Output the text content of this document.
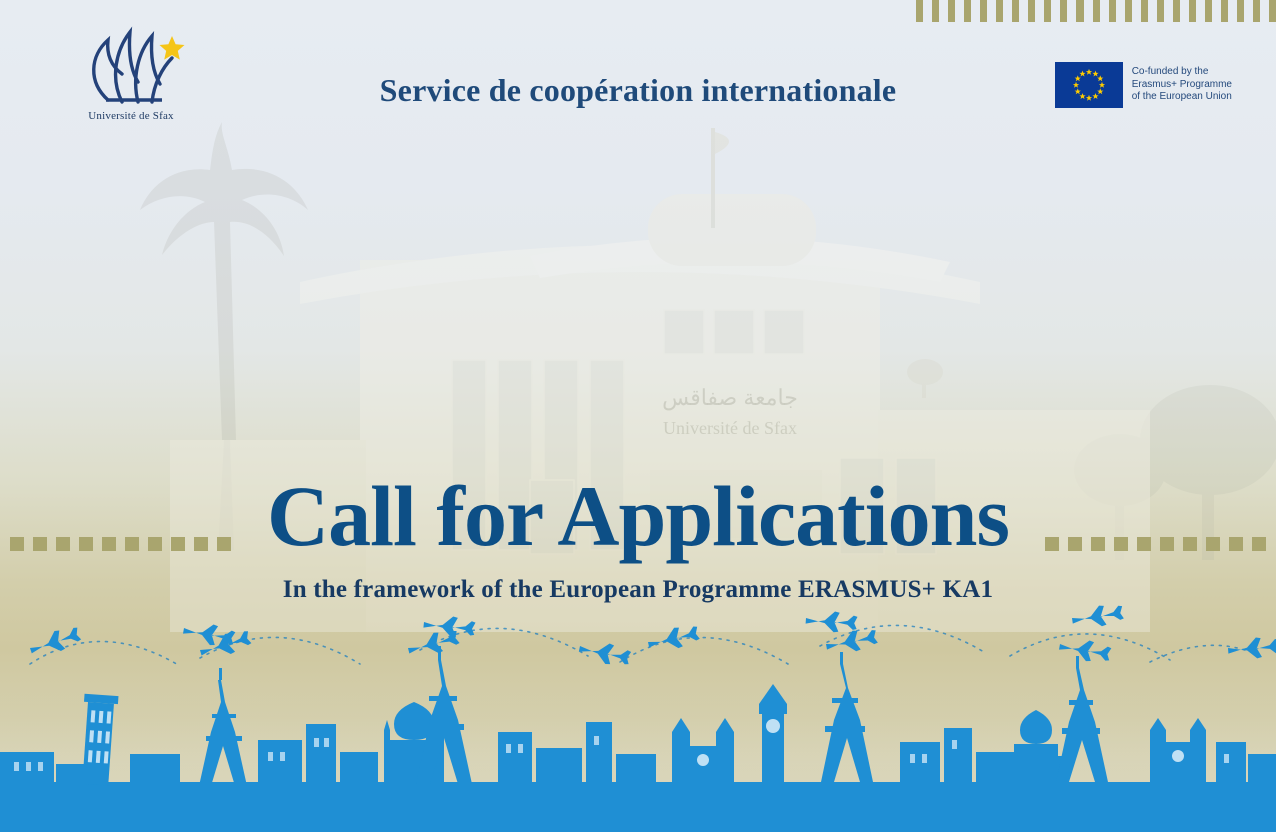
جامعة صفاقس
Université de Sfax
Université de Sfax
Service de coopération internationale
Co-funded by the
Erasmus+ Programme
of the European Union
Call for Applications
In the framework of the European Programme ERASMUS+ KA1
